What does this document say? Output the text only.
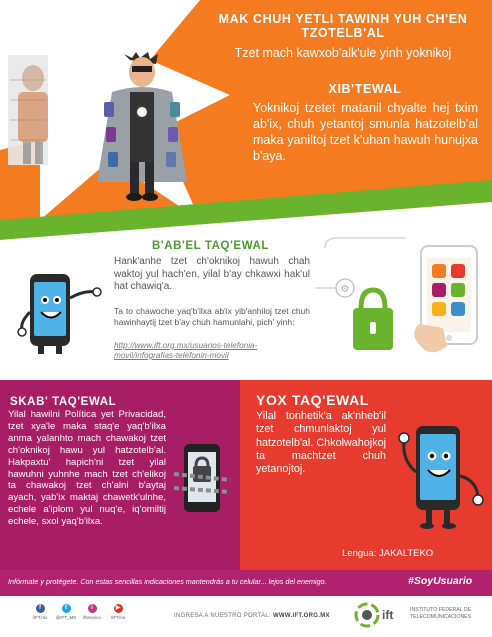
MAK CHUH YETLI TAWINH YUH CH'EN TZOTELB'AL
Tzet mach kawxob'alk'ule yinh yoknikoj
XIB'TEWAL
Yoknikoj tzetet matanil chyalte hej txim ab'ix, chuh yetantoj smunla hatzotelb'al maka yaniltoj tzet k'uhan hawuh hunujxa b'aya.
B'AB'EL TAQ'EWAL
Hank'anhe tzet ch'oknikoj hawuh chah waktoj yul hach'en, yilal b'ay chkawxi hak'ul hat chawiq'a.
Ta to chawoche yaq'b'ilxa ab'ix yib'anhiloj tzet chuh hawinhaytij tzet b'ay chuh hamunlahi, pich' yinh:
http://www.ift.org.mx/usuarios-telefonia-movil/infografias-telefonin-movil
⚙
SKAB' TAQ'EWAL
Yilal hawilni Política yet Privacidad, tzet xya'le maka staq'e yaq'b'ilxa anma yalanhto mach chawakoj tzet ch'oknikoj hawu yul hatzotelb'al. Hakpaxtu' hapich'ni tzet yilal hawuhni yuhnhe mach tzet ch'elikoj ta chawakoj tzet ch'alni b'aytaj ayach, yab'ix maktaj chawetk'ulnhe, echele a'iplom yul nuq'e, iq'omiltij echele, sxol yaq'b'ilxa.
YOX TAQ'EWAL
Yilal tonhetik'a ak'nheb'il tzet chmunlaktoj yul hatzotelb'al. Chkolwahojkoj ta machtzet chuh yetanojtoj.
Lengua: JAKALTEKO
Infórmate y protégete. Con estas sencillas indicaciones mantendrás a tu celular... lejos del enemigo.	#SoyUsuario
f
/IFT.mx
t
@IFT_MX
i
iftmexico
▶
/IFTmx	INGRESA A NUESTRO PORTAL: WWW.IFT.ORG.MX	ift	INSTITUTO FEDERAL DE
TELECOMUNICACIONES
